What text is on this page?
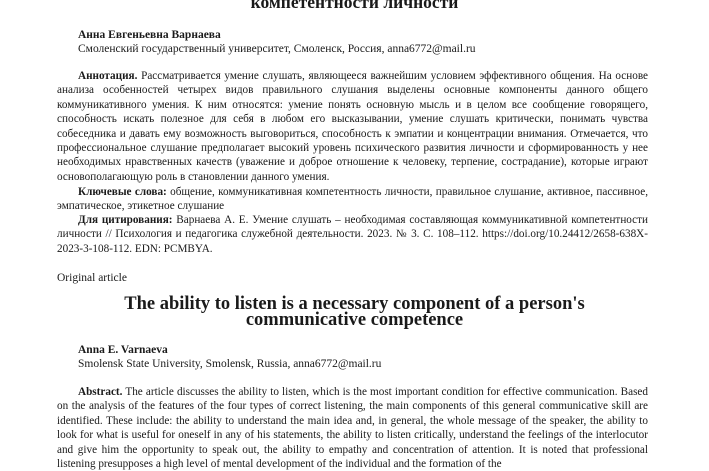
компетентности личности
Анна Евгеньевна Варнаева
Смоленский государственный университет, Смоленск, Россия, anna6772@mail.ru
Аннотация. Рассматривается умение слушать, являющееся важнейшим условием эффективного общения. На основе анализа особенностей четырех видов правильного слушания выделены основные компоненты данного общего коммуникативного умения. К ним относятся: умение понять основную мысль и в целом все сообщение говорящего, способность искать полезное для себя в любом его высказывании, умение слушать критически, понимать чувства собеседника и давать ему возможность выговориться, способность к эмпатии и концентрации внимания. Отмечается, что профессиональное слушание предполагает высокий уровень психического развития личности и сформированность у нее необходимых нравственных качеств (уважение и доброе отношение к человеку, терпение, сострадание), которые играют основополагающую роль в становлении данного умения.
Ключевые слова: общение, коммуникативная компетентность личности, правильное слушание, активное, пассивное, эмпатическое, этикетное слушание
Для цитирования: Варнаева А. Е. Умение слушать – необходимая составляющая коммуникативной компетентности личности // Психология и педагогика служебной деятельности. 2023. № 3. С. 108–112. https://doi.org/10.24412/2658-638X-2023-3-108-112. EDN: PCMBYA.
Original article
The ability to listen is a necessary component of a person's
communicative competence
Anna E. Varnaeva
Smolensk State University, Smolensk, Russia, anna6772@mail.ru
Abstract. The article discusses the ability to listen, which is the most important condition for effective communication. Based on the analysis of the features of the four types of correct listening, the main components of this general communicative skill are identified. These include: the ability to understand the main idea and, in general, the whole message of the speaker, the ability to look for what is useful for oneself in any of his statements, the ability to listen critically, understand the feelings of the interlocutor and give him the opportunity to speak out, the ability to empathy and concentration of attention. It is noted that professional listening presupposes a high level of mental development of the individual and the formation of the
